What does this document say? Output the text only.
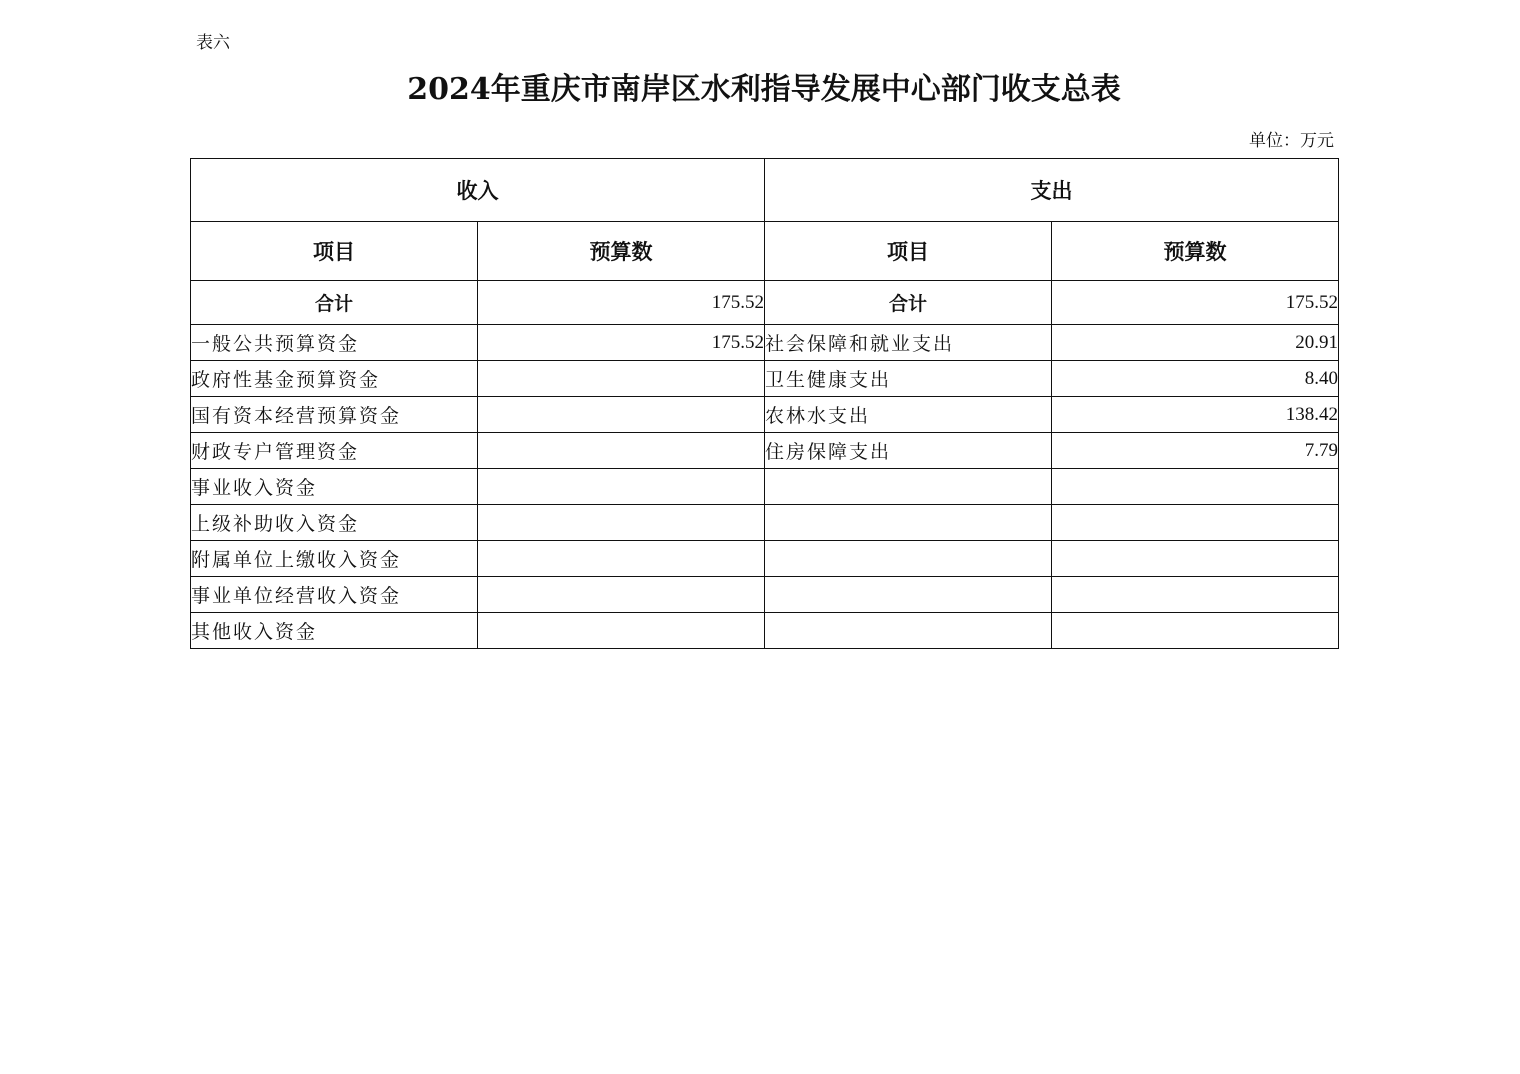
表六
2024年重庆市南岸区水利指导发展中心部门收支总表
单位：万元
收入		支出	
项目	预算数	项目	预算数
合计	175.52	合计	175.52
一般公共预算资金	175.52	社会保障和就业支出	20.91
政府性基金预算资金		卫生健康支出	8.40
国有资本经营预算资金		农林水支出	138.42
财政专户管理资金		住房保障支出	7.79
事业收入资金			
上级补助收入资金			
附属单位上缴收入资金			
事业单位经营收入资金			
其他收入资金			
